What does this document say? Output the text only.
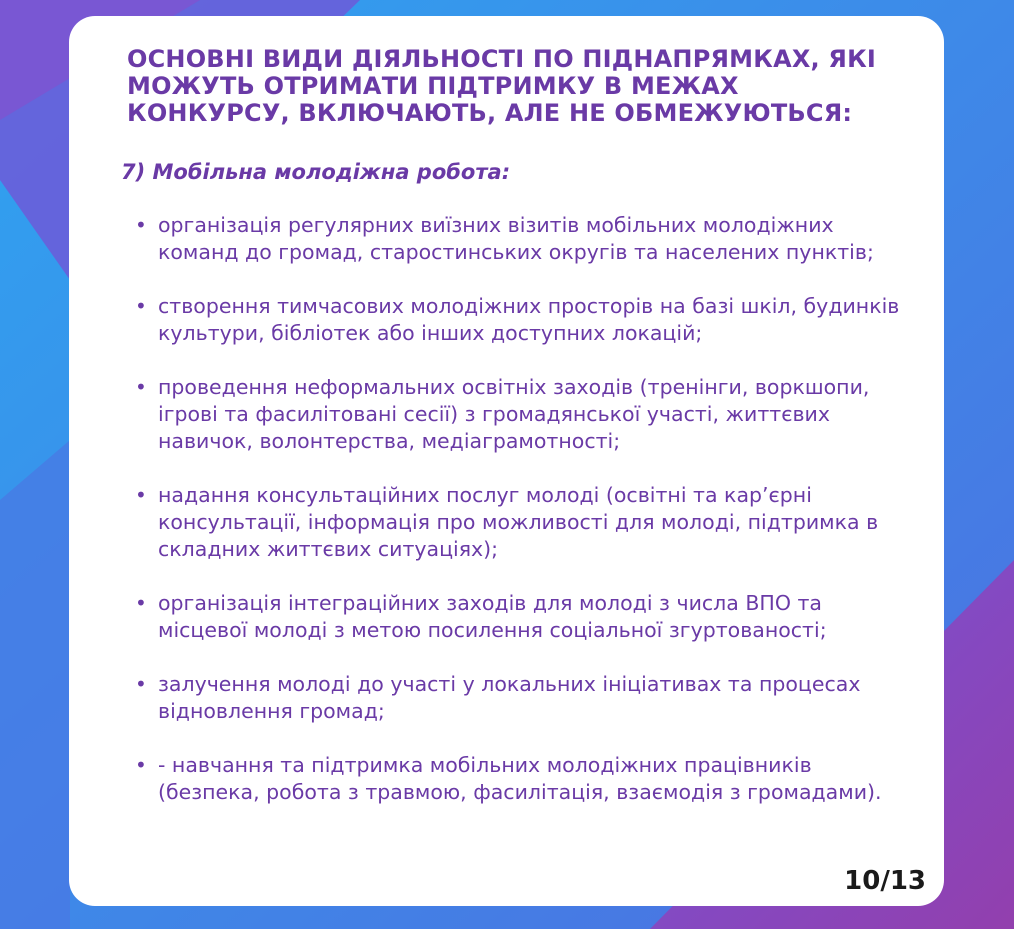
ОСНОВНІ ВИДИ ДІЯЛЬНОСТІ ПО ПІДНАПРЯМКАХ, ЯКІ МОЖУТЬ ОТРИМАТИ ПІДТРИМКУ В МЕЖАХ КОНКУРСУ, ВКЛЮЧАЮТЬ, АЛЕ НЕ ОБМЕЖУЮТЬСЯ:
7) Мобільна молодіжна робота:
• організація регулярних виїзних візитів мобільних молодіжних команд до громад, старостинських округів та населених пунктів;
• створення тимчасових молодіжних просторів на базі шкіл, будинків культури, бібліотек або інших доступних локацій;
• проведення неформальних освітніх заходів (тренінги, воркшопи, ігрові та фасилітовані сесії) з громадянської участі, життєвих навичок, волонтерства, медіаграмотності;
• надання консультаційних послуг молоді (освітні та кар’єрні консультації, інформація про можливості для молоді, підтримка в складних життєвих ситуаціях);
• організація інтеграційних заходів для молоді з числа ВПО та місцевої молоді з метою посилення соціальної згуртованості;
• залучення молоді до участі у локальних ініціативах та процесах відновлення громад;
• - навчання та підтримка мобільних молодіжних працівників (безпека, робота з травмою, фасилітація, взаємодія з громадами).
10/13
